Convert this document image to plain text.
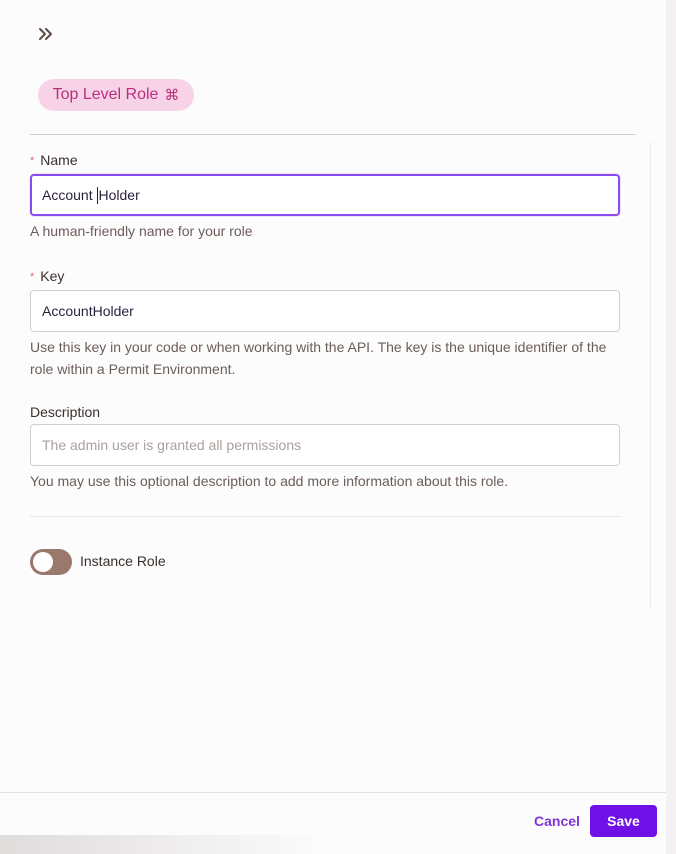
Top Level Role ⌘
* Name
Account Holder
A human-friendly name for your role
* Key
AccountHolder
Use this key in your code or when working with the API. The key is the unique identifier of the role within a Permit Environment.
Description
The admin user is granted all permissions
You may use this optional description to add more information about this role.
Instance Role
Cancel	Save
